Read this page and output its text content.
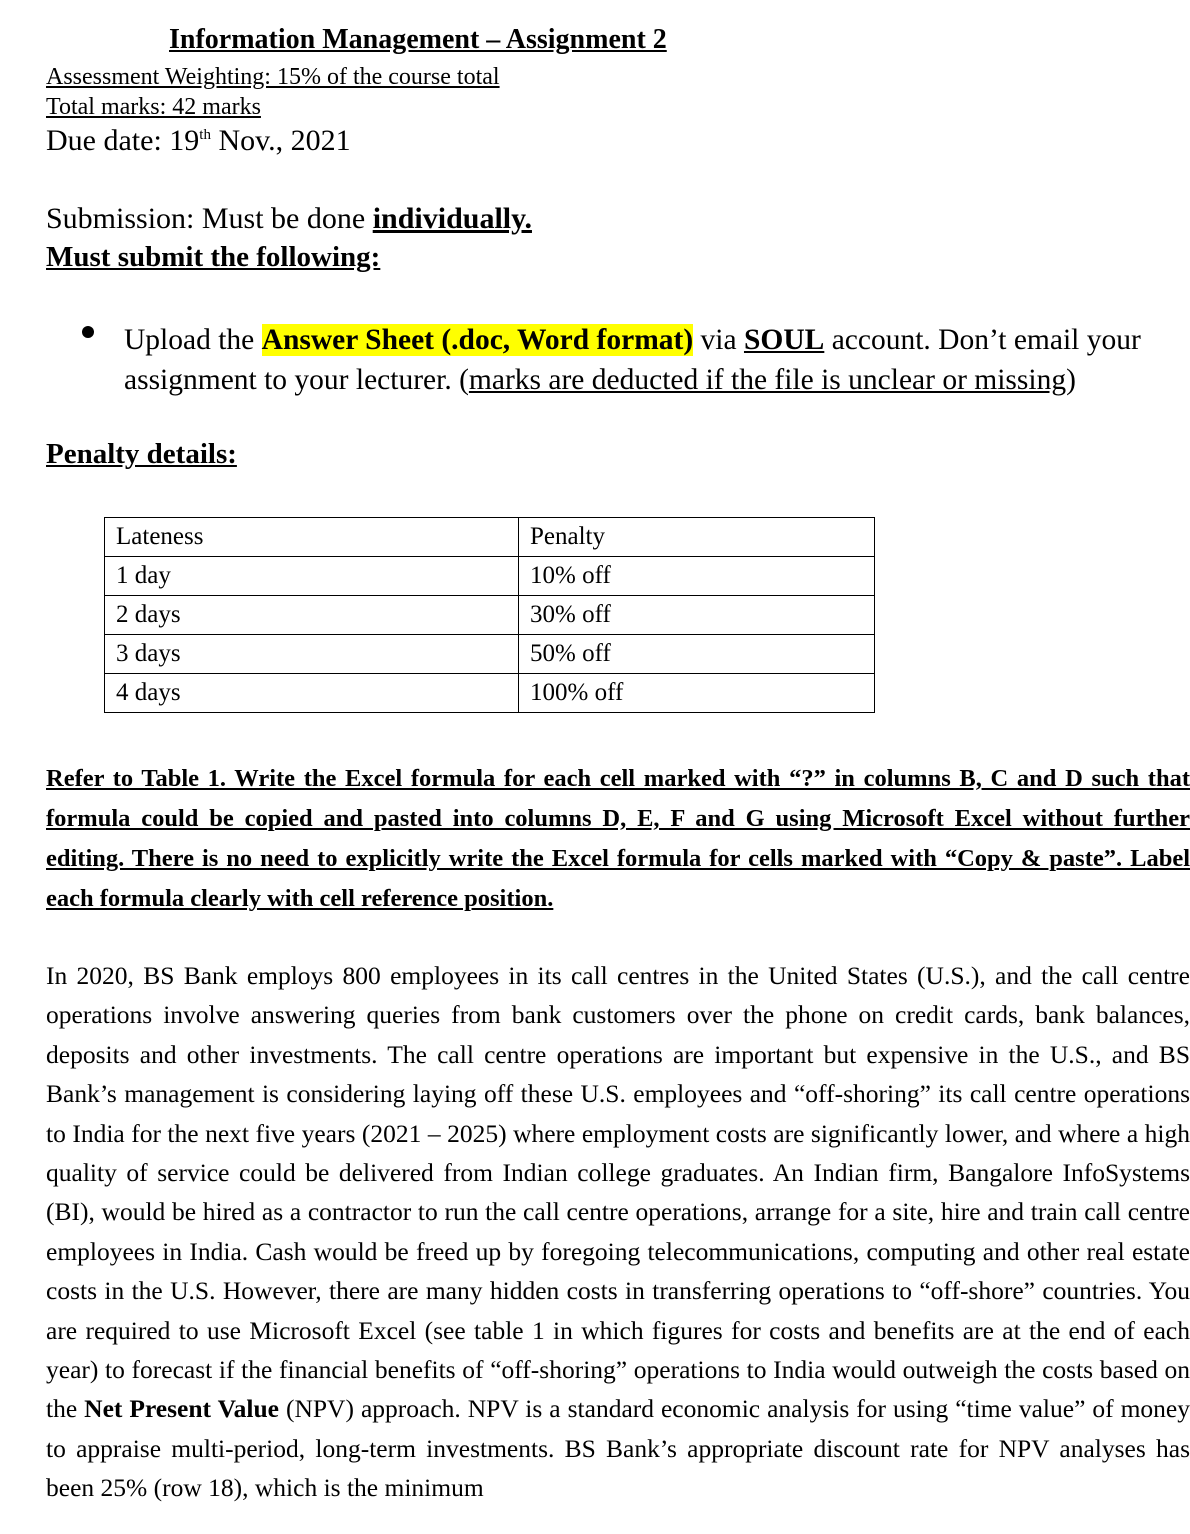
Information Management – Assignment 2
Assessment Weighting: 15% of the course total
Total marks: 42 marks
Due date: 19th Nov., 2021
Submission: Must be done individually.
Must submit the following:
Upload the Answer Sheet (.doc, Word format) via SOUL account. Don’t email your assignment to your lecturer. (marks are deducted if the file is unclear or missing)
Penalty details:
Lateness	Penalty
1 day	10% off
2 days	30% off
3 days	50% off
4 days	100% off
Refer to Table 1. Write the Excel formula for each cell marked with “?” in columns B, C and D such that formula could be copied and pasted into columns D, E, F and G using Microsoft Excel without further editing. There is no need to explicitly write the Excel formula for cells marked with “Copy & paste”. Label each formula clearly with cell reference position.
In 2020, BS Bank employs 800 employees in its call centres in the United States (U.S.), and the call centre operations involve answering queries from bank customers over the phone on credit cards, bank balances, deposits and other investments. The call centre operations are important but expensive in the U.S., and BS Bank’s management is considering laying off these U.S. employees and “off-shoring” its call centre operations to India for the next five years (2021 – 2025) where employment costs are significantly lower, and where a high quality of service could be delivered from Indian college graduates. An Indian firm, Bangalore InfoSystems (BI), would be hired as a contractor to run the call centre operations, arrange for a site, hire and train call centre employees in India. Cash would be freed up by foregoing telecommunications, computing and other real estate costs in the U.S. However, there are many hidden costs in transferring operations to “off-shore” countries. You are required to use Microsoft Excel (see table 1 in which figures for costs and benefits are at the end of each year) to forecast if the financial benefits of “off-shoring” operations to India would outweigh the costs based on the Net Present Value (NPV) approach. NPV is a standard economic analysis for using “time value” of money to appraise multi-period, long-term investments. BS Bank’s appropriate discount rate for NPV analyses has been 25% (row 18), which is the minimum
